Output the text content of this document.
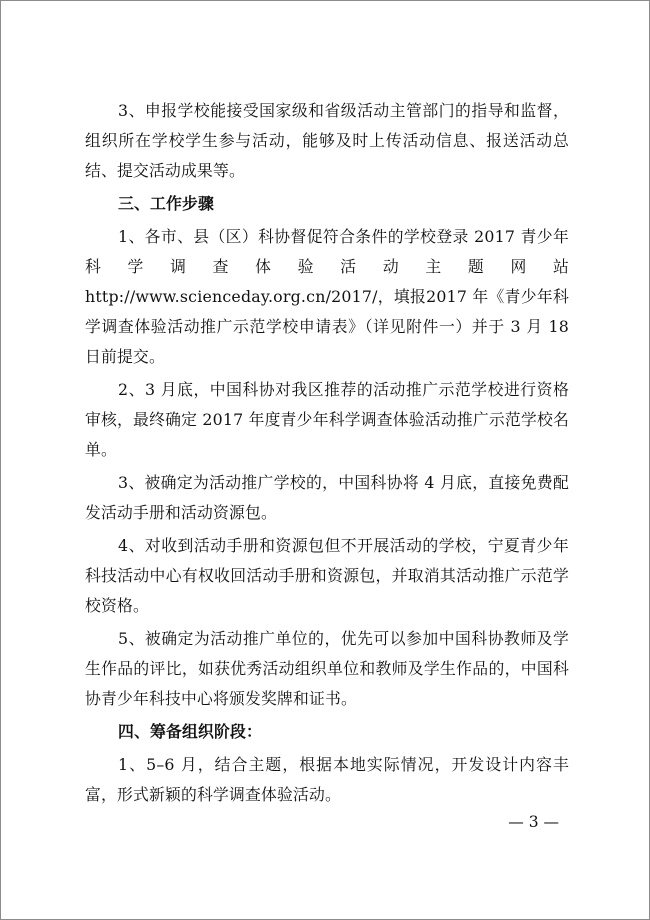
3、申报学校能接受国家级和省级活动主管部门的指导和监督，组织所在学校学生参与活动，能够及时上传活动信息、报送活动总结、提交活动成果等。

三、工作步骤

1、各市、县（区）科协督促符合条件的学校登录 2017 青少年科学调查体验活动主题网站 http://www.scienceday.org.cn/2017/，填报2017 年《青少年科学调查体验活动推广示范学校申请表》（详见附件一）并于 3 月 18 日前提交。

2、3 月底，中国科协对我区推荐的活动推广示范学校进行资格审核，最终确定 2017 年度青少年科学调查体验活动推广示范学校名单。

3、被确定为活动推广学校的，中国科协将 4 月底，直接免费配发活动手册和活动资源包。

4、对收到活动手册和资源包但不开展活动的学校，宁夏青少年科技活动中心有权收回活动手册和资源包，并取消其活动推广示范学校资格。

5、被确定为活动推广单位的，优先可以参加中国科协教师及学生作品的评比，如获优秀活动组织单位和教师及学生作品的，中国科协青少年科技中心将颁发奖牌和证书。

四、筹备组织阶段：

1、5–6 月，结合主题，根据本地实际情况，开发设计内容丰富，形式新颖的科学调查体验活动。

— 3 —
